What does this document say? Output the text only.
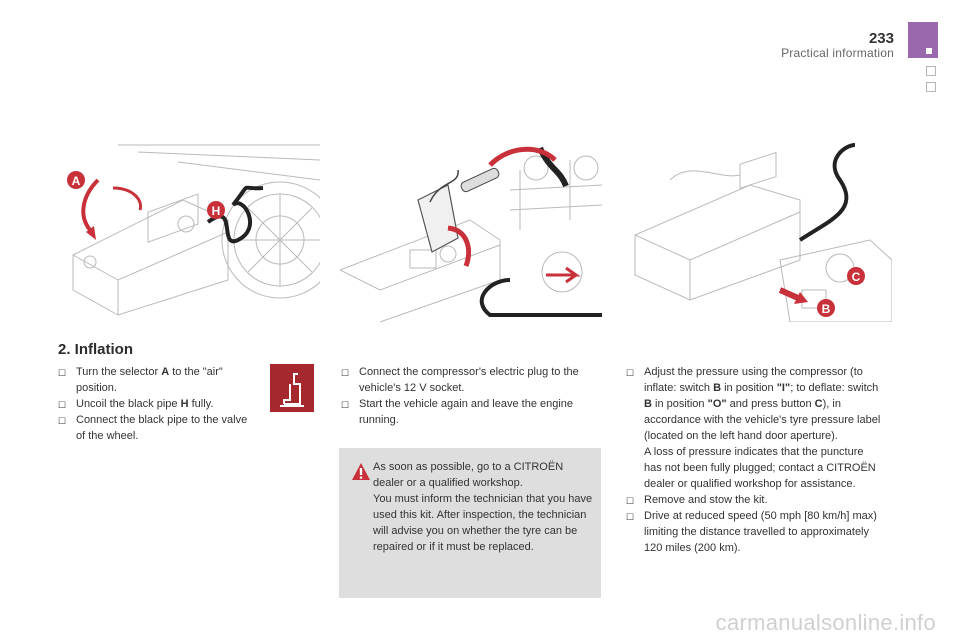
233
Practical information
A
H
C
B
2. Inflation

☐ Turn the selector A to the "air" position.

☐ Uncoil the black pipe H fully.

☐ Connect the black pipe to the valve of the wheel.

☐ Connect the compressor's electric plug to the vehicle's 12 V socket.

☐ Start the vehicle again and leave the engine running.

☐ Adjust the pressure using the compressor (to inflate: switch B in position "I"; to deflate: switch B in position "O" and press button C), in accordance with the vehicle's tyre pressure label (located on the left hand door aperture).
A loss of pressure indicates that the puncture has not been fully plugged; contact a CITROËN dealer or qualified workshop for assistance.

☐ Remove and stow the kit.

☐ Drive at reduced speed (50 mph [80 km/h] max) limiting the distance travelled to approximately 120 miles (200 km).

As soon as possible, go to a CITROËN dealer or a qualified workshop.
You must inform the technician that you have used this kit. After inspection, the technician will advise you on whether the tyre can be repaired or if it must be replaced.
carmanualsonline.info
